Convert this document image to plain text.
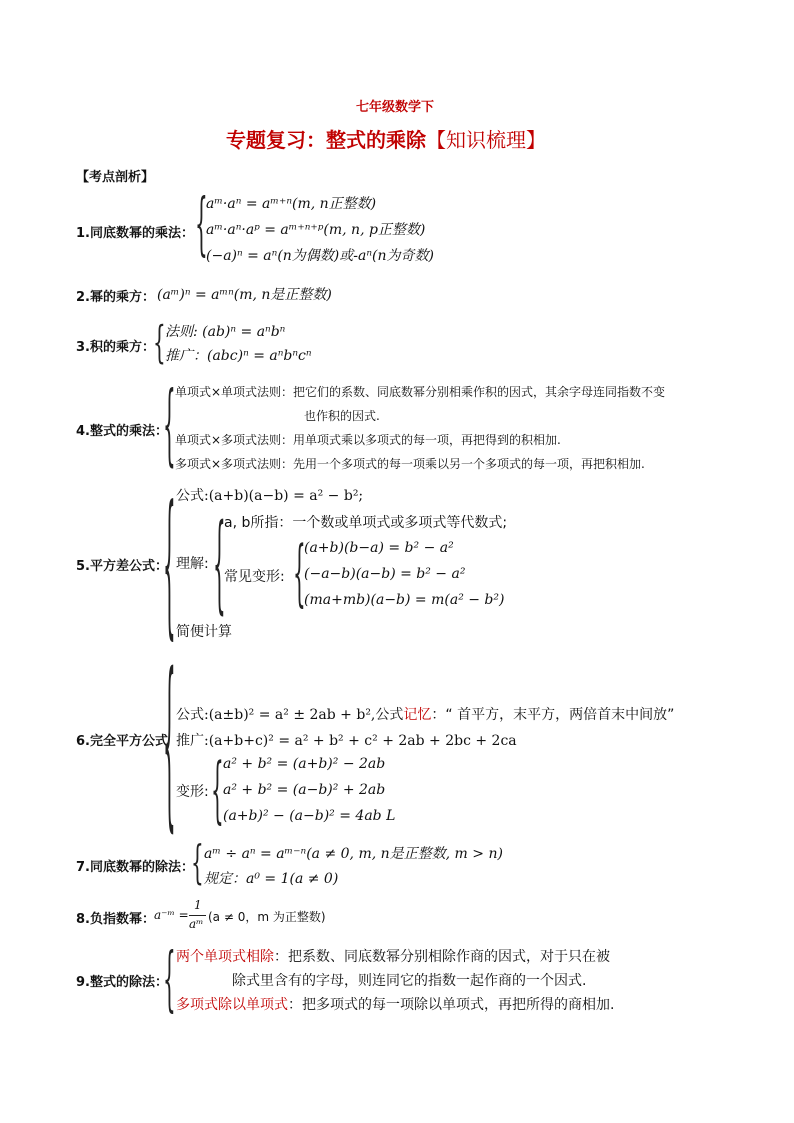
七年级数学下
专题复习：整式的乘除【知识梳理】
【考点剖析】
1.同底数幂的乘法： {
aᵐ·aⁿ = aᵐ⁺ⁿ(m, n正整数)
aᵐ·aⁿ·aᵖ = aᵐ⁺ⁿ⁺ᵖ(m, n, p正整数)
(−a)ⁿ = aⁿ(n为偶数)或-aⁿ(n为奇数)
2.幂的乘方： (aᵐ)ⁿ = aᵐⁿ(m, n是正整数)
3.积的乘方：
{ 法则: (ab)ⁿ = aⁿbⁿ
推广：(abc)ⁿ = aⁿbⁿcⁿ
4.整式的乘法：
{ 单项式×单项式法则：把它们的系数、同底数幂分别相乘作积的因式，其余字母连同指数不变
也作积的因式.
单项式×多项式法则：用单项式乘以多项式的每一项，再把得到的积相加.
多项式×多项式法则：先用一个多项式的每一项乘以另一个多项式的每一项，再把积相加.
5.平方差公式：
{ 公式:(a+b)(a−b) = a² − b²;
理解: {
a, b所指：一个数或单项式或多项式等代数式;
常见变形: {
(a+b)(b−a) = b² − a²
(−a−b)(a−b) = b² − a²
(ma+mb)(a−b) = m(a² − b²)
简便计算
6.完全平方公式
{ 公式:(a±b)² = a² ± 2ab + b²,公式记忆：“ 首平方，末平方，两倍首末中间放”
推广:(a+b+c)² = a² + b² + c² + 2ab + 2bc + 2ca
变形: { a² + b² = (a+b)² − 2ab
a² + b² = (a−b)² + 2ab
(a+b)² − (a−b)² = 4ab L
7.同底数幂的除法：
{ aᵐ ÷ aⁿ = aᵐ⁻ⁿ(a ≠ 0, m, n是正整数, m > n)
规定：a⁰ = 1(a ≠ 0)
8.负指数幂： a⁻ᵐ =
1
aᵐ (a ≠ 0，m 为正整数)
9.整式的除法：
{ 两个单项式相除：把系数、同底数幂分别相除作商的因式，对于只在被
除式里含有的字母，则连同它的指数一起作商的一个因式.
多项式除以单项式：把多项式的每一项除以单项式，再把所得的商相加.
